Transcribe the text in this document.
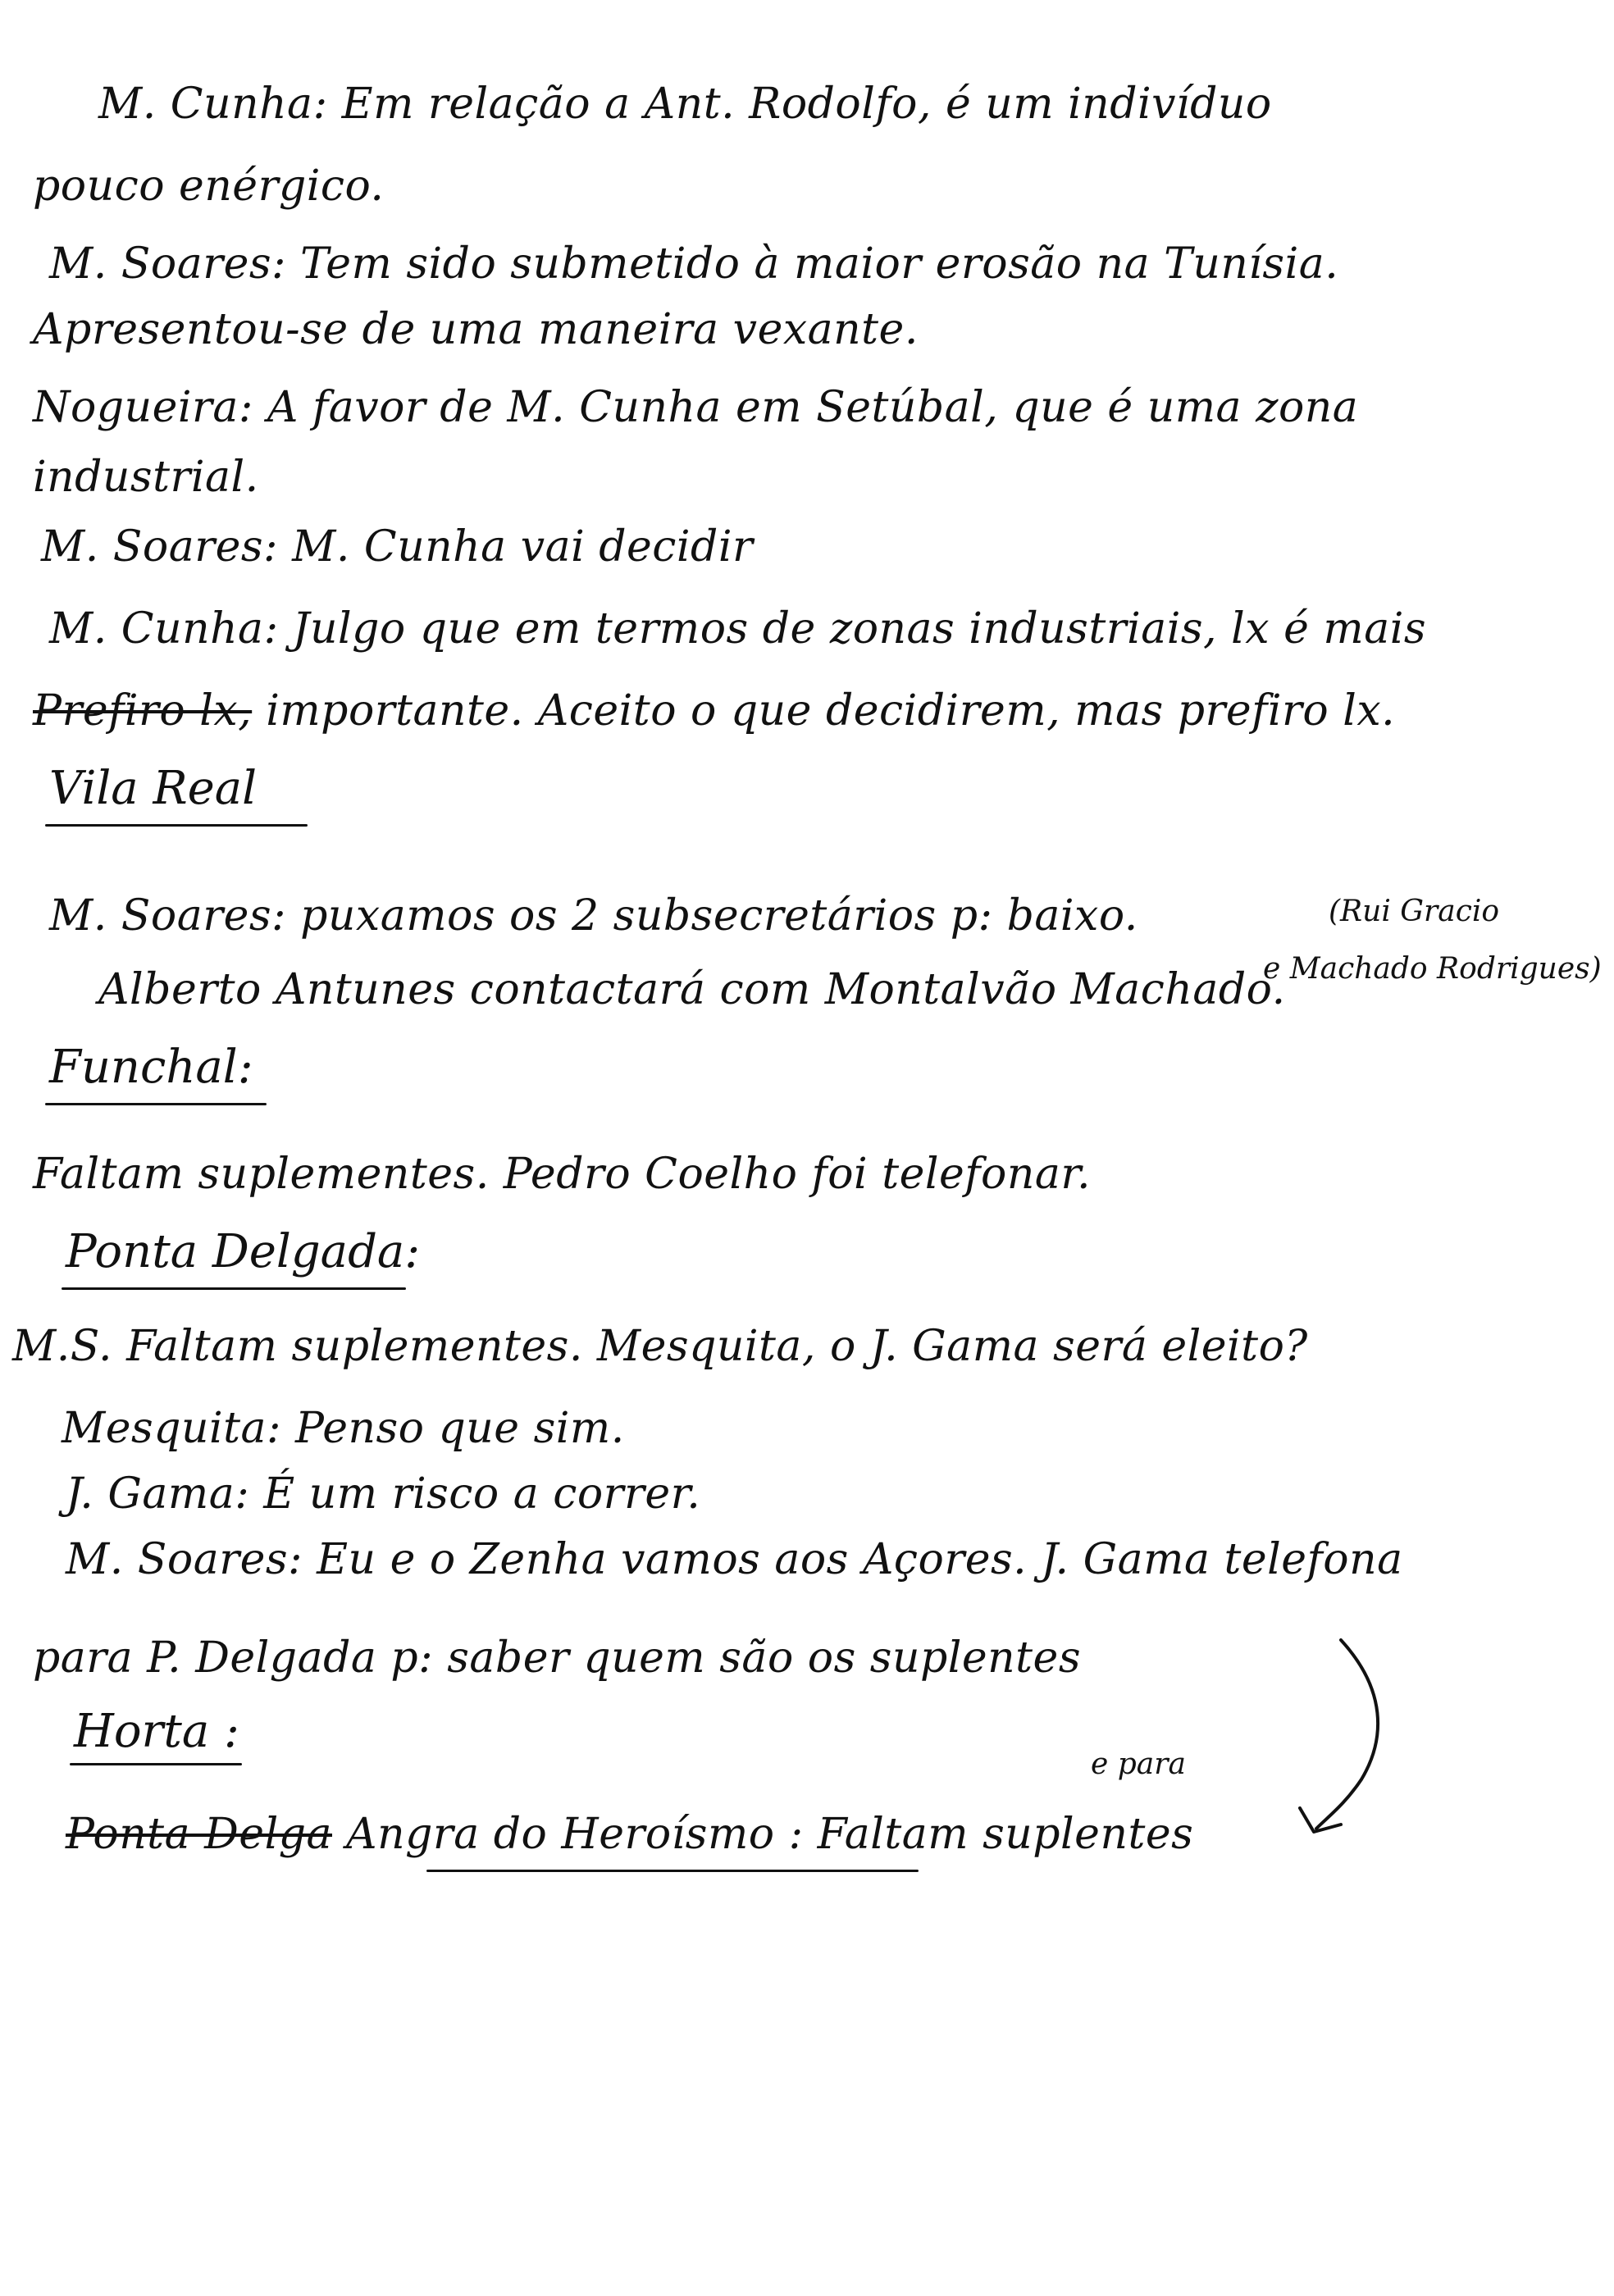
M. Cunha: Em relação a Ant. Rodolfo, é um indivíduo
pouco enérgico.
M. Soares: Tem sido submetido à maior erosão na Tunísia.
Apresentou-se de uma maneira vexante.
Nogueira: A favor de M. Cunha em Setúbal, que é uma zona
industrial.
M. Soares: M. Cunha vai decidir
M. Cunha: Julgo que em termos de zonas industriais, lx é mais
Prefiro lx, importante. Aceito o que decidirem, mas prefiro lx.
Vila Real
M. Soares: puxamos os 2 subsecretários p: baixo.	(Rui Gracio
Alberto Antunes contactará com Montalvão Machado.
e Machado Rodrigues)
Funchal:
Faltam suplementes. Pedro Coelho foi telefonar.
Ponta Delgada:
M.S. Faltam suplementes. Mesquita, o J. Gama será eleito?
Mesquita: Penso que sim.
J. Gama: É um risco a correr.
M. Soares: Eu e o Zenha vamos aos Açores. J. Gama telefona
para P. Delgada p: saber quem são os suplentes
Horta :
e para
Ponta Delga Angra do Heroísmo : Faltam suplentes
